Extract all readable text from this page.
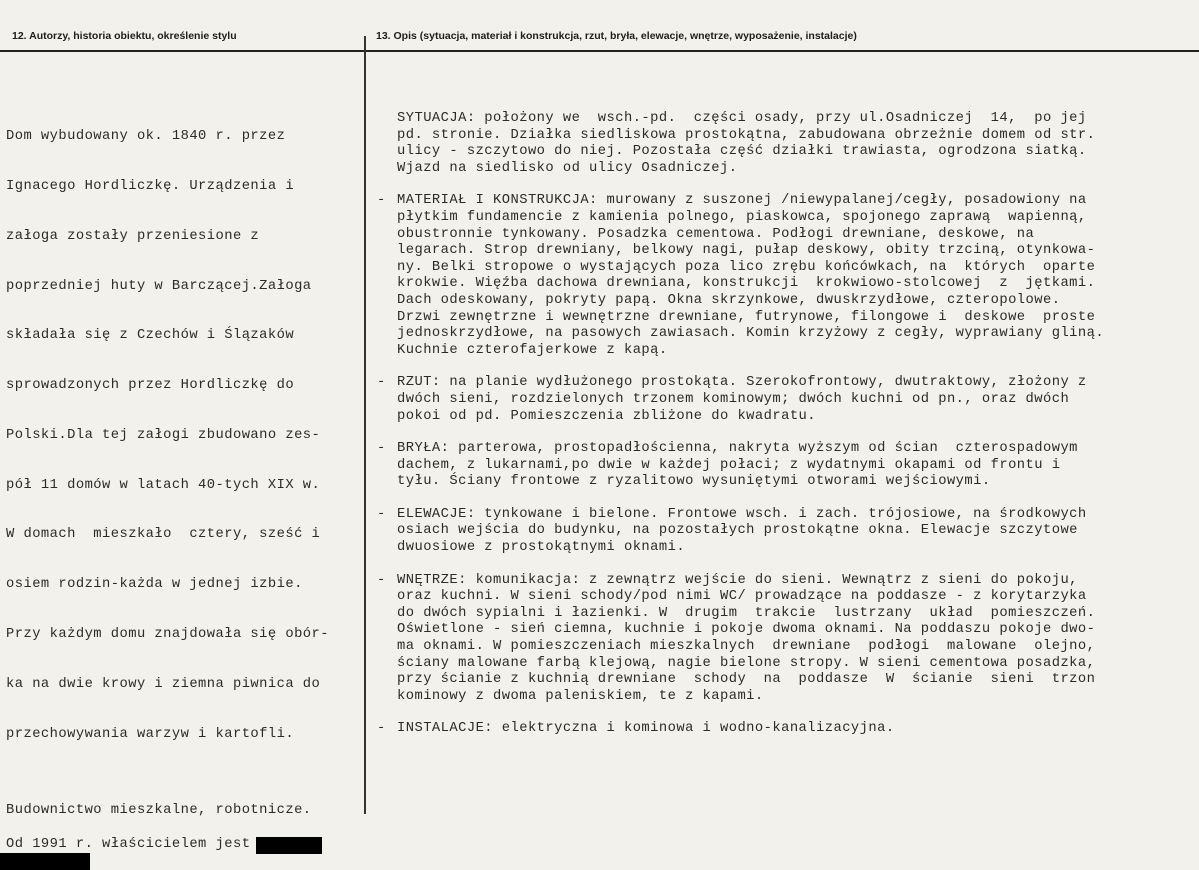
12. Autorzy, historia obiektu, określenie stylu	13. Opis (sytuacja, materiał i konstrukcja, rzut, bryła, elewacje, wnętrze, wyposażenie, instalacje)

Dom wybudowany ok. 1840 r. przez

Ignacego Hordliczkę. Urządzenia i

załoga zostały przeniesione z

poprzedniej huty w Barczącej.Załoga

składała się z Czechów i Ślązaków

sprowadzonych przez Hordliczkę do

Polski.Dla tej załogi zbudowano zes-

pół 11 domów w latach 40-tych XIX w.

W domach  mieszkało  cztery, sześć i

osiem rodzin-każda w jednej izbie.

Przy każdym domu znajdowała się obór-

ka na dwie krowy i ziemna piwnica do

przechowywania warzyw i kartofli.

Budownictwo mieszkalne, robotnicze.
Od 1991 r. właścicielem jest
SYTUACJA: położony we  wsch.-pd.  części osady, przy ul.Osadniczej  14,  po jej
pd. stronie. Działka siedliskowa prostokątna, zabudowana obrzeżnie domem od str.
ulicy - szczytowo do niej. Pozostała część działki trawiasta, ogrodzona siatką.
Wjazd na siedlisko od ulicy Osadniczej.
- MATERIAŁ I KONSTRUKCJA: murowany z suszonej /niewypalanej/cegły, posadowiony na
płytkim fundamencie z kamienia polnego, piaskowca, spojonego zaprawą  wapienną,
obustronnie tynkowany. Posadzka cementowa. Podłogi drewniane, deskowe, na
legarach. Strop drewniany, belkowy nagi, pułap deskowy, obity trzciną, otynkowa-
ny. Belki stropowe o wystających poza lico zrębu końcówkach, na  których  oparte
krokwie. Więźba dachowa drewniana, konstrukcji  krokwiowo-stolcowej  z  jętkami.
Dach odeskowany, pokryty papą. Okna skrzynkowe, dwuskrzydłowe, czteropolowe.
Drzwi zewnętrzne i wewnętrzne drewniane, futrynowe, filongowe i  deskowe  proste
jednoskrzydłowe, na pasowych zawiasach. Komin krzyżowy z cegły, wyprawiany gliną.
Kuchnie czterofajerkowe z kapą.
- RZUT: na planie wydłużonego prostokąta. Szerokofrontowy, dwutraktowy, złożony z
dwóch sieni, rozdzielonych trzonem kominowym; dwóch kuchni od pn., oraz dwóch
pokoi od pd. Pomieszczenia zbliżone do kwadratu.
- BRYŁA: parterowa, prostopadłościenna, nakryta wyższym od ścian  czterospadowym
dachem, z lukarnami,po dwie w każdej połaci; z wydatnymi okapami od frontu i
tyłu. Ściany frontowe z ryzalitowo wysuniętymi otworami wejściowymi.
- ELEWACJE: tynkowane i bielone. Frontowe wsch. i zach. trójosiowe, na środkowych
osiach wejścia do budynku, na pozostałych prostokątne okna. Elewacje szczytowe
dwuosiowe z prostokątnymi oknami.
- WNĘTRZE: komunikacja: z zewnątrz wejście do sieni. Wewnątrz z sieni do pokoju,
oraz kuchni. W sieni schody/pod nimi WC/ prowadzące na poddasze - z korytarzyka
do dwóch sypialni i łazienki. W  drugim  trakcie  lustrzany  układ  pomieszczeń.
Oświetlone - sień ciemna, kuchnie i pokoje dwoma oknami. Na poddaszu pokoje dwo-
ma oknami. W pomieszczeniach mieszkalnych  drewniane  podłogi  malowane  olejno,
ściany malowane farbą klejową, nagie bielone stropy. W sieni cementowa posadzka,
przy ścianie z kuchnią drewniane  schody  na  poddasze  W  ścianie  sieni  trzon
kominowy z dwoma paleniskiem, te z kapami.
- INSTALACJE: elektryczna i kominowa i wodno-kanalizacyjna.
